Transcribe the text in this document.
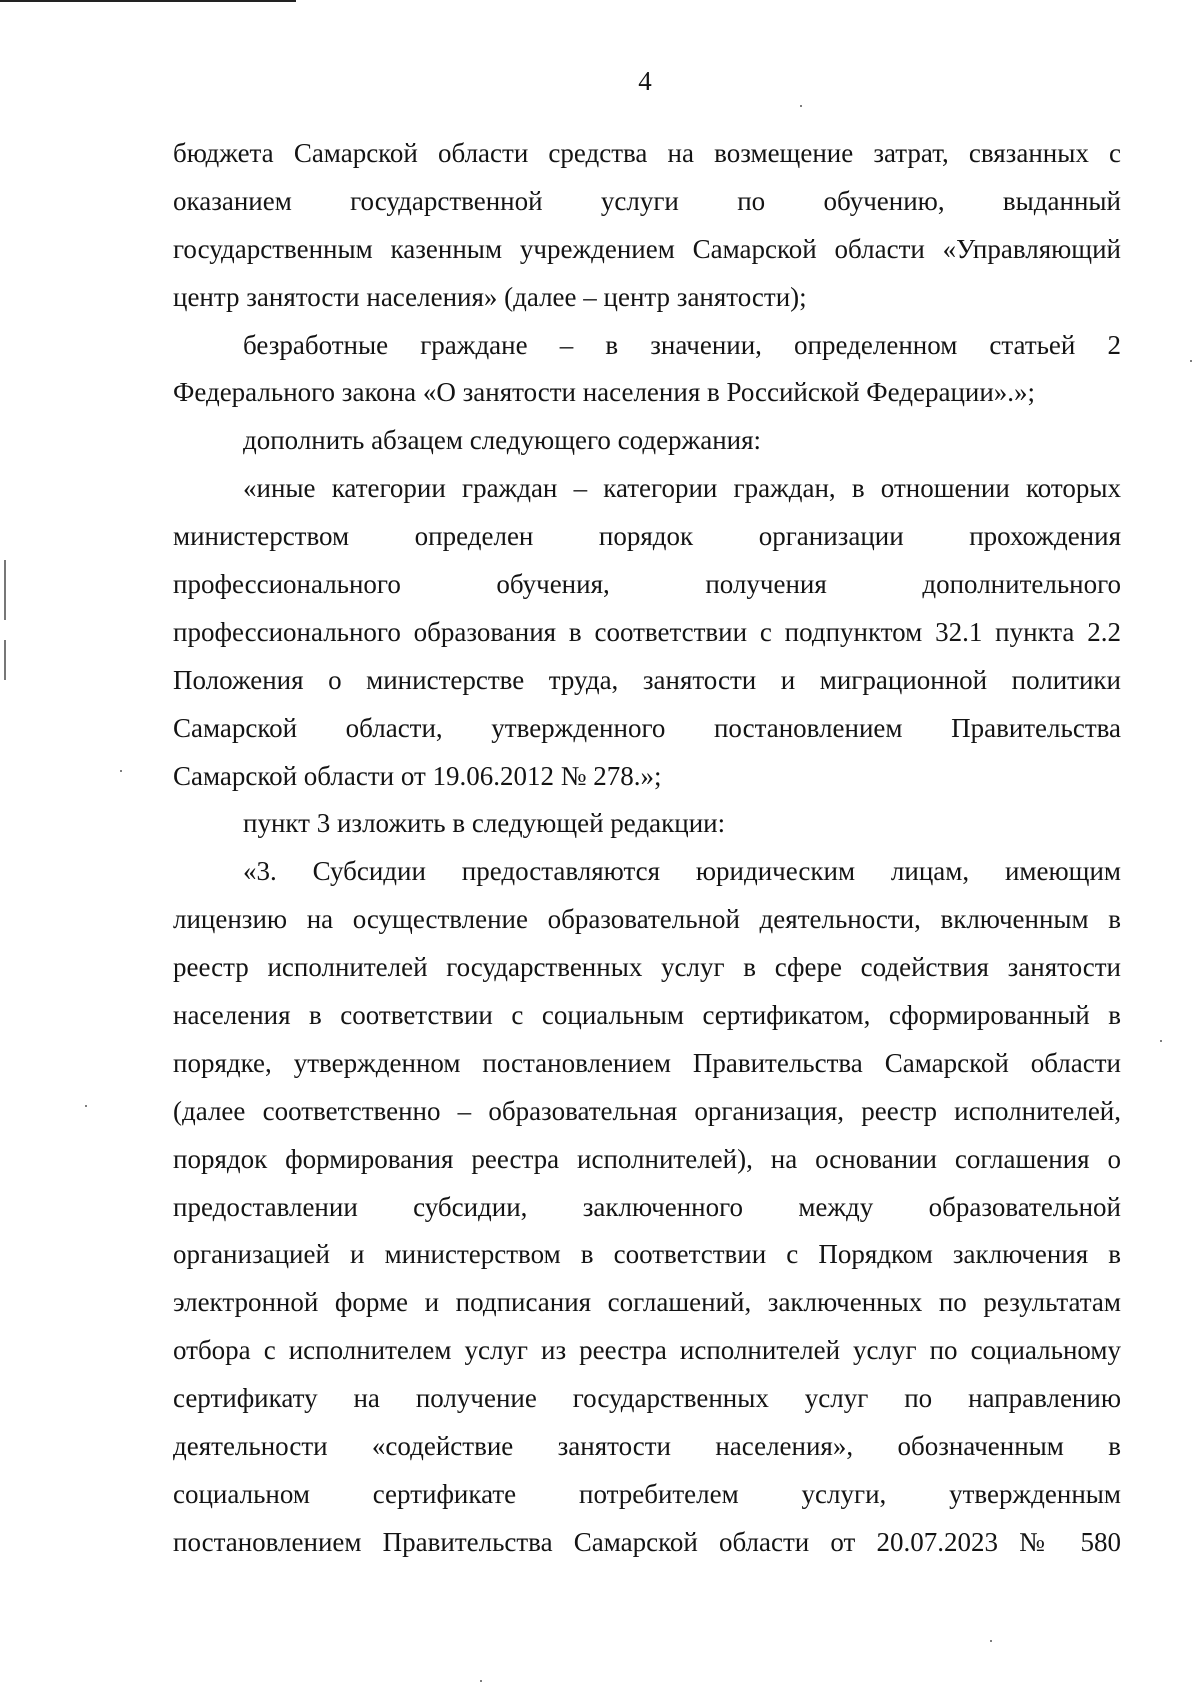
4

бюджета Самарской области средства на возмещение затрат, связанных с
оказанием государственной услуги по обучению, выданный
государственным казенным учреждением Самарской области «Управляющий
центр занятости населения» (далее – центр занятости);

безработные граждане – в значении, определенном статьей 2
Федерального закона «О занятости населения в Российской Федерации».»;

дополнить абзацем следующего содержания:

«иные категории граждан – категории граждан, в отношении которых
министерством определен порядок организации прохождения
профессионального обучения, получения дополнительного
профессионального образования в соответствии с подпунктом 32.1 пункта 2.2
Положения о министерстве труда, занятости и миграционной политики
Самарской области, утвержденного постановлением Правительства
Самарской области от 19.06.2012 № 278.»;

пункт 3 изложить в следующей редакции:

«3. Субсидии предоставляются юридическим лицам, имеющим
лицензию на осуществление образовательной деятельности, включенным в
реестр исполнителей государственных услуг в сфере содействия занятости
населения в соответствии с социальным сертификатом, сформированный в
порядке, утвержденном постановлением Правительства Самарской области
(далее соответственно – образовательная организация, реестр исполнителей,
порядок формирования реестра исполнителей), на основании соглашения о
предоставлении субсидии, заключенного между образовательной
организацией и министерством в соответствии с Порядком заключения в
электронной форме и подписания соглашений, заключенных по результатам
отбора с исполнителем услуг из реестра исполнителей услуг по социальному
сертификату на получение государственных услуг по направлению
деятельности «содействие занятости населения», обозначенным в
социальном сертификате потребителем услуги, утвержденным
постановлением Правительства Самарской области от 20.07.2023 № 580
